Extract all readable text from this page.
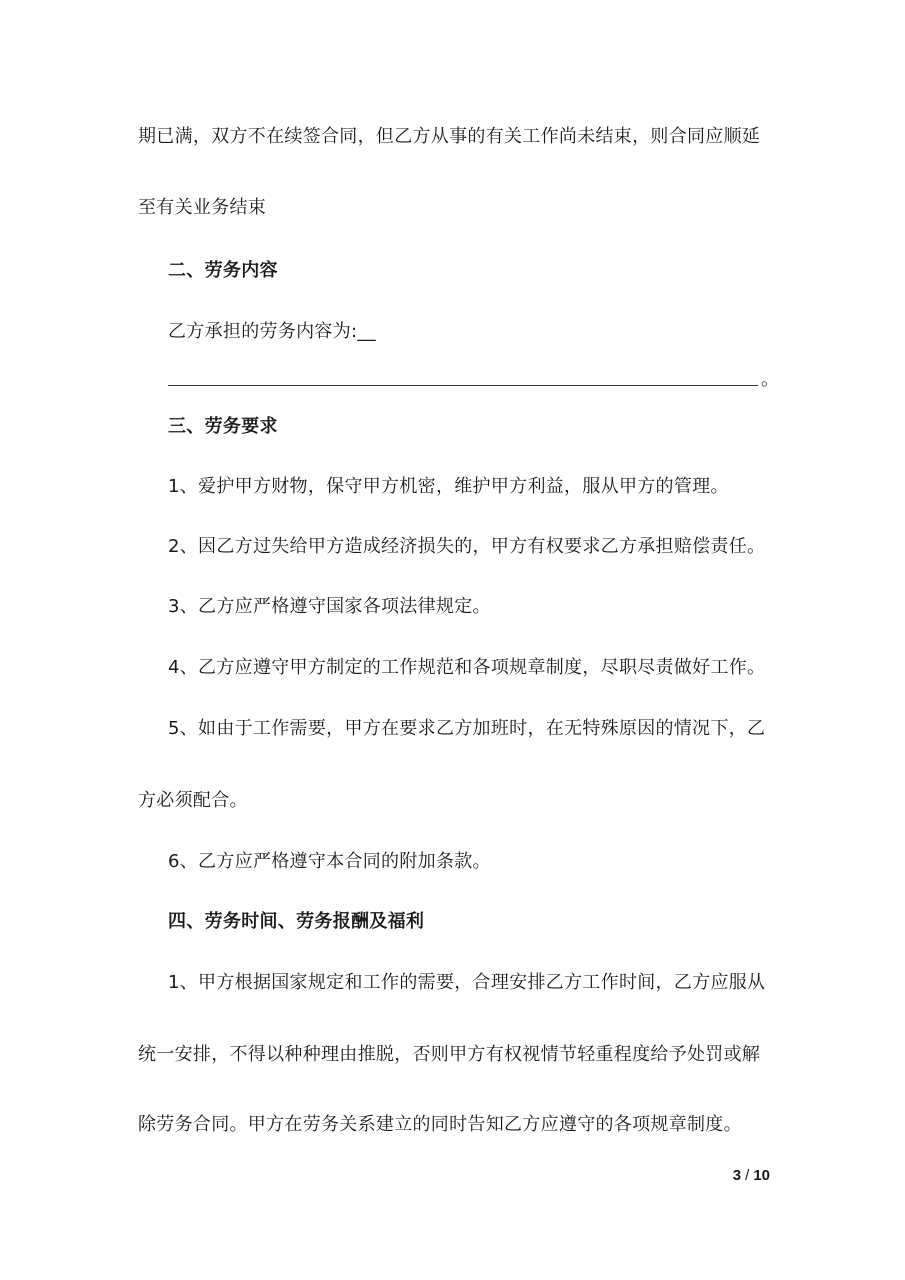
期已满，双方不在续签合同，但乙方从事的有关工作尚未结束，则合同应顺延
至有关业务结束
二、劳务内容
乙方承担的劳务内容为:__
。
三、劳务要求
1、爱护甲方财物，保守甲方机密，维护甲方利益，服从甲方的管理。
2、因乙方过失给甲方造成经济损失的，甲方有权要求乙方承担赔偿责任。
3、乙方应严格遵守国家各项法律规定。
4、乙方应遵守甲方制定的工作规范和各项规章制度，尽职尽责做好工作。
5、如由于工作需要，甲方在要求乙方加班时，在无特殊原因的情况下，乙
方必须配合。
6、乙方应严格遵守本合同的附加条款。
四、劳务时间、劳务报酬及福利
1、甲方根据国家规定和工作的需要，合理安排乙方工作时间，乙方应服从
统一安排，不得以种种理由推脱，否则甲方有权视情节轻重程度给予处罚或解
除劳务合同。甲方在劳务关系建立的同时告知乙方应遵守的各项规章制度。
3 / 10
